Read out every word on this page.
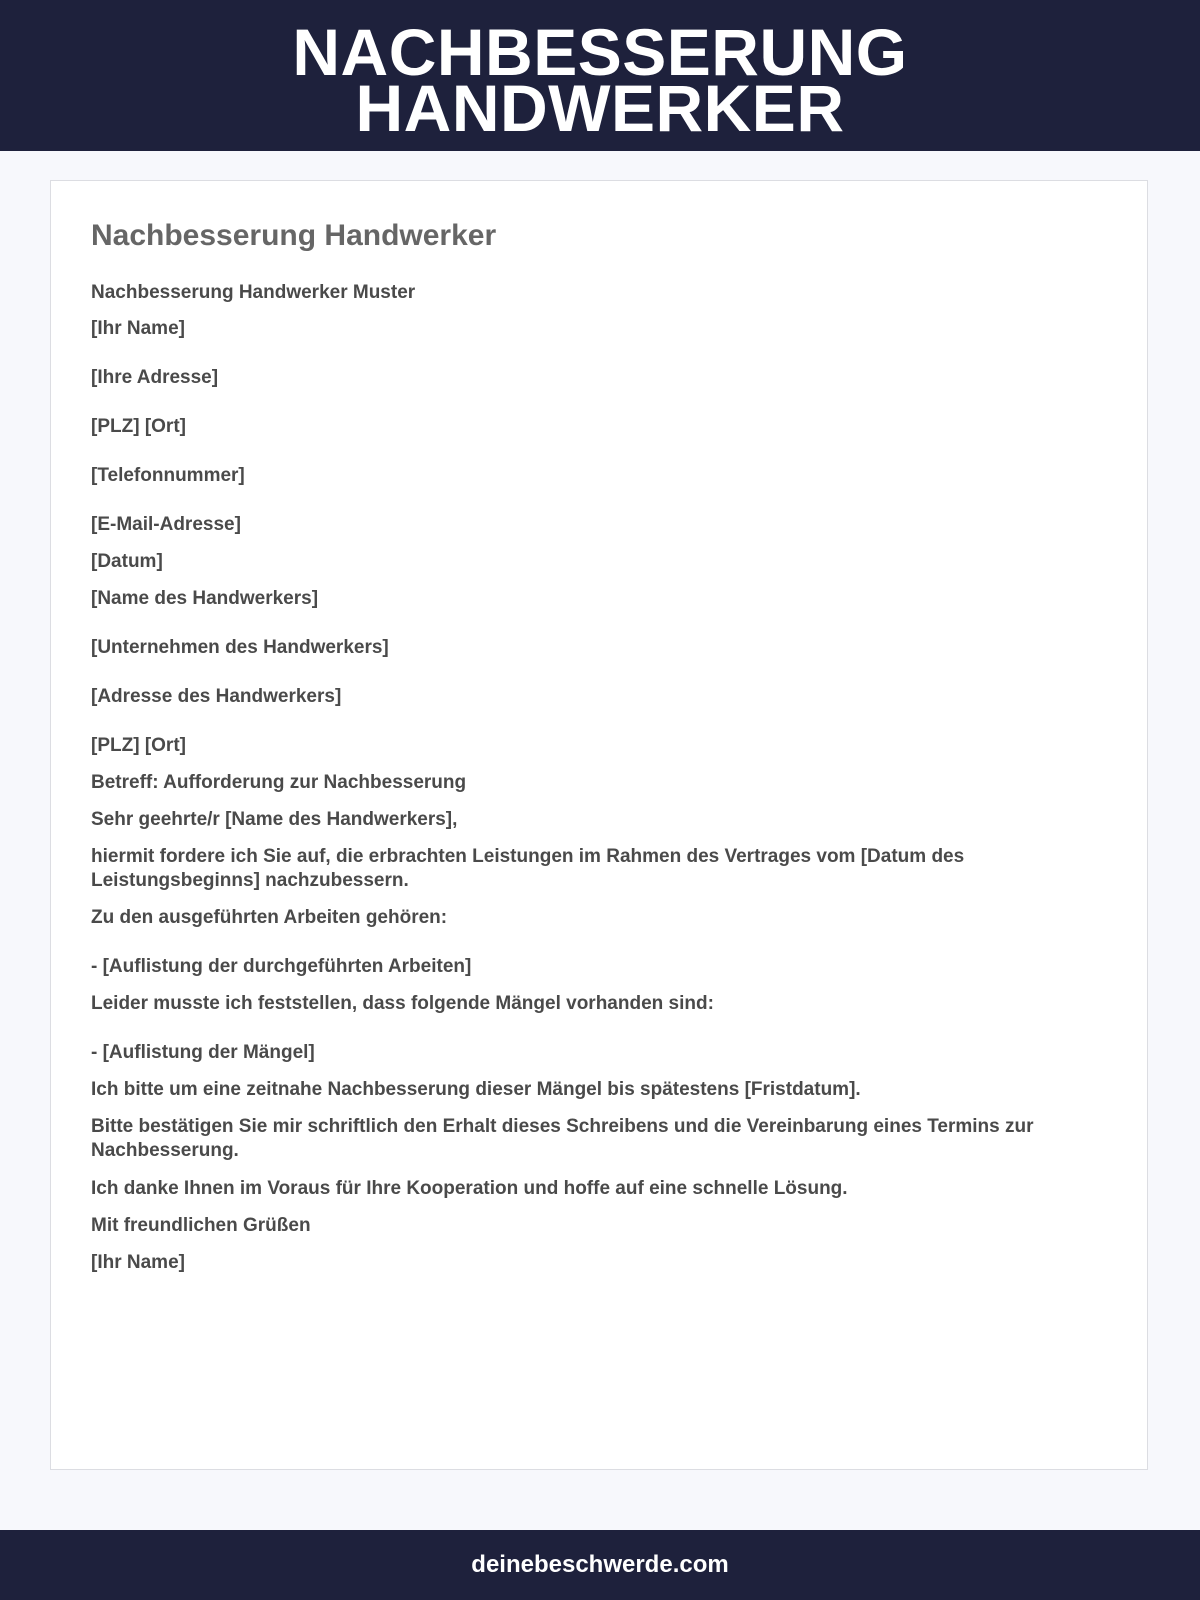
NACHBESSERUNG
HANDWERKER
Nachbesserung Handwerker

Nachbesserung Handwerker Muster

[Ihr Name]

[Ihre Adresse]

[PLZ] [Ort]

[Telefonnummer]

[E-Mail-Adresse]

[Datum]

[Name des Handwerkers]

[Unternehmen des Handwerkers]

[Adresse des Handwerkers]

[PLZ] [Ort]

Betreff: Aufforderung zur Nachbesserung

Sehr geehrte/r [Name des Handwerkers],

hiermit fordere ich Sie auf, die erbrachten Leistungen im Rahmen des Vertrages vom [Datum des Leistungsbeginns] nachzubessern.

Zu den ausgeführten Arbeiten gehören:

- [Auflistung der durchgeführten Arbeiten]

Leider musste ich feststellen, dass folgende Mängel vorhanden sind:

- [Auflistung der Mängel]

Ich bitte um eine zeitnahe Nachbesserung dieser Mängel bis spätestens [Fristdatum].

Bitte bestätigen Sie mir schriftlich den Erhalt dieses Schreibens und die Vereinbarung eines Termins zur Nachbesserung.

Ich danke Ihnen im Voraus für Ihre Kooperation und hoffe auf eine schnelle Lösung.

Mit freundlichen Grüßen

[Ihr Name]

deinebeschwerde.com
